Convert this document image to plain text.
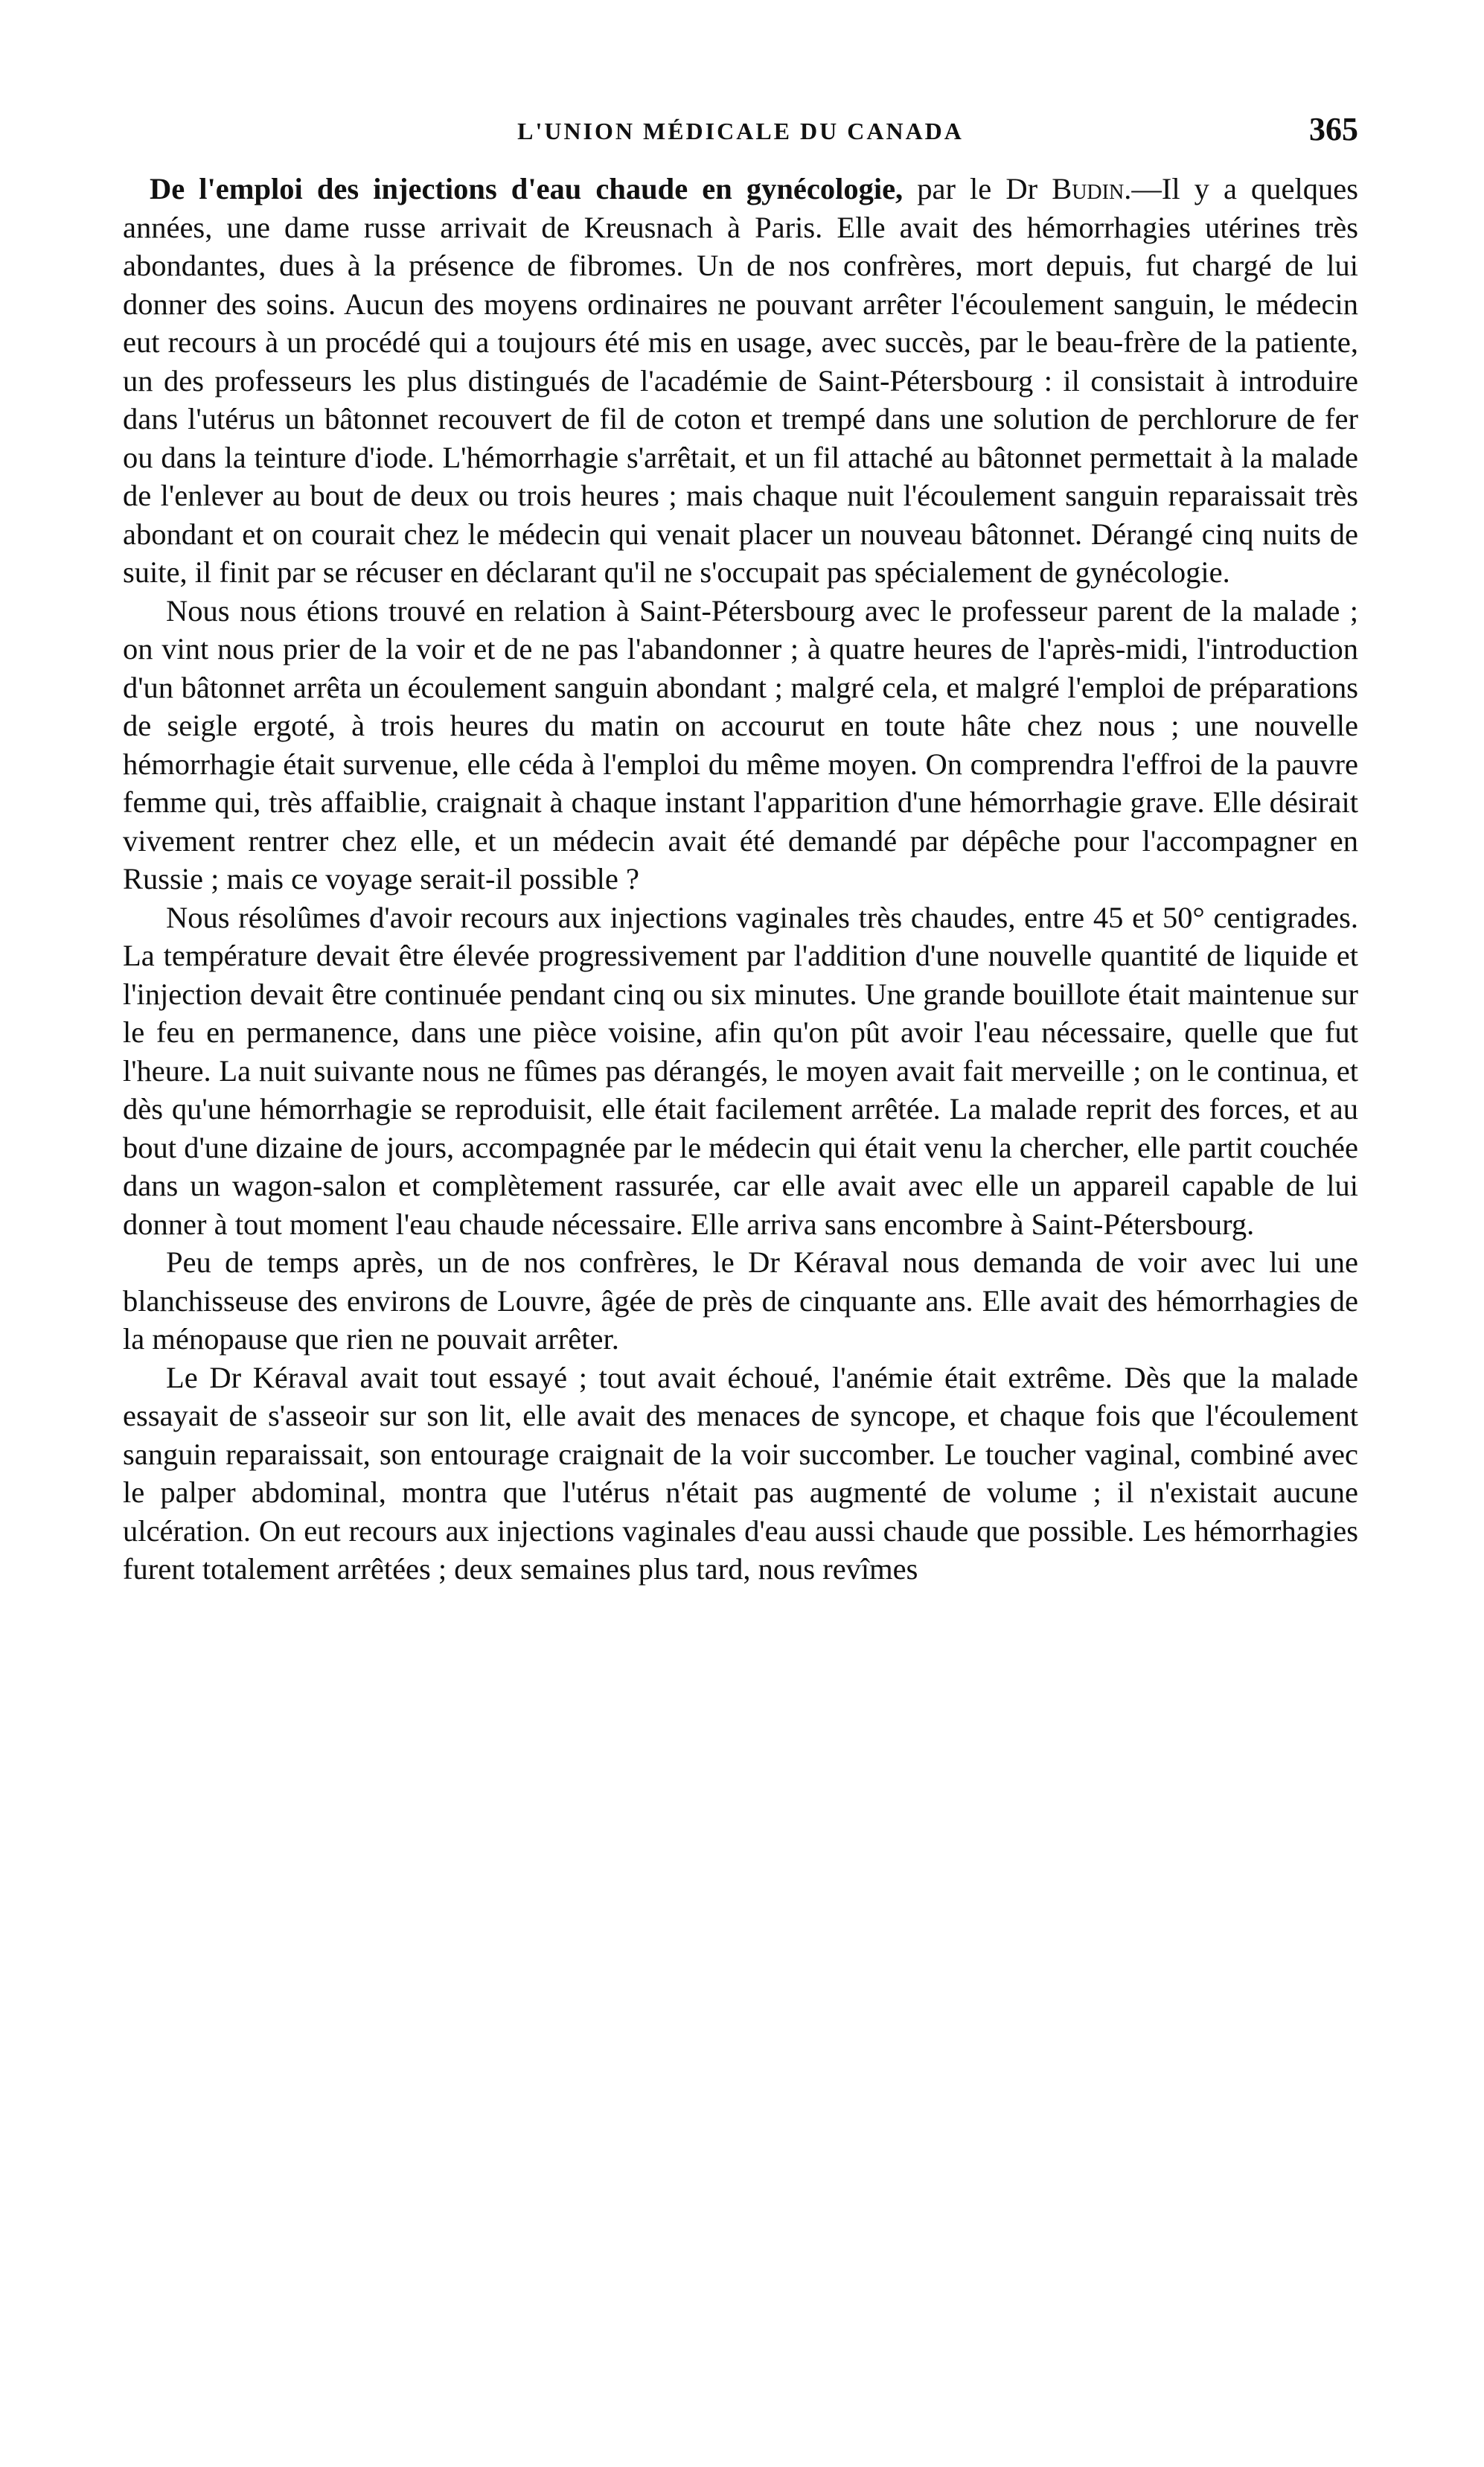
L'UNION MÉDICALE DU CANADA	365

De l'emploi des injections d'eau chaude en gynécologie, par le Dr Budin.—Il y a quelques années, une dame russe arrivait de Kreusnach à Paris. Elle avait des hémorrhagies utérines très abondantes, dues à la présence de fibromes. Un de nos confrères, mort depuis, fut chargé de lui donner des soins. Aucun des moyens ordinaires ne pouvant arrêter l'écoulement sanguin, le médecin eut recours à un procédé qui a toujours été mis en usage, avec succès, par le beau-frère de la patiente, un des professeurs les plus distingués de l'académie de Saint-Pétersbourg : il consistait à introduire dans l'utérus un bâtonnet recouvert de fil de coton et trempé dans une solution de perchlorure de fer ou dans la teinture d'iode. L'hémorrhagie s'arrêtait, et un fil attaché au bâtonnet permettait à la malade de l'enlever au bout de deux ou trois heures ; mais chaque nuit l'écoulement sanguin reparaissait très abondant et on courait chez le médecin qui venait placer un nouveau bâtonnet. Dérangé cinq nuits de suite, il finit par se récuser en déclarant qu'il ne s'occupait pas spécialement de gynécologie.

Nous nous étions trouvé en relation à Saint-Pétersbourg avec le professeur parent de la malade ; on vint nous prier de la voir et de ne pas l'abandonner ; à quatre heures de l'après-midi, l'introduction d'un bâtonnet arrêta un écoulement sanguin abondant ; malgré cela, et malgré l'emploi de préparations de seigle ergoté, à trois heures du matin on accourut en toute hâte chez nous ; une nouvelle hémorrhagie était survenue, elle céda à l'emploi du même moyen. On comprendra l'effroi de la pauvre femme qui, très affaiblie, craignait à chaque instant l'apparition d'une hémorrhagie grave. Elle désirait vivement rentrer chez elle, et un médecin avait été demandé par dépêche pour l'accompagner en Russie ; mais ce voyage serait-il possible ?

Nous résolûmes d'avoir recours aux injections vaginales très chaudes, entre 45 et 50° centigrades. La température devait être élevée progressivement par l'addition d'une nouvelle quantité de liquide et l'injection devait être continuée pendant cinq ou six minutes. Une grande bouillote était maintenue sur le feu en permanence, dans une pièce voisine, afin qu'on pût avoir l'eau nécessaire, quelle que fut l'heure. La nuit suivante nous ne fûmes pas dérangés, le moyen avait fait merveille ; on le continua, et dès qu'une hémorrhagie se reproduisit, elle était facilement arrêtée. La malade reprit des forces, et au bout d'une dizaine de jours, accompagnée par le médecin qui était venu la chercher, elle partit couchée dans un wagon-salon et complètement rassurée, car elle avait avec elle un appareil capable de lui donner à tout moment l'eau chaude nécessaire. Elle arriva sans encombre à Saint-Pétersbourg.

Peu de temps après, un de nos confrères, le Dr Kéraval nous demanda de voir avec lui une blanchisseuse des environs de Louvre, âgée de près de cinquante ans. Elle avait des hémorrhagies de la ménopause que rien ne pouvait arrêter.

Le Dr Kéraval avait tout essayé ; tout avait échoué, l'anémie était extrême. Dès que la malade essayait de s'asseoir sur son lit, elle avait des menaces de syncope, et chaque fois que l'écoulement sanguin reparaissait, son entourage craignait de la voir succomber. Le toucher vaginal, combiné avec le palper abdominal, montra que l'utérus n'était pas augmenté de volume ; il n'existait aucune ulcération. On eut recours aux injections vaginales d'eau aussi chaude que possible. Les hémorrhagies furent totalement arrêtées ; deux semaines plus tard, nous revîmes
